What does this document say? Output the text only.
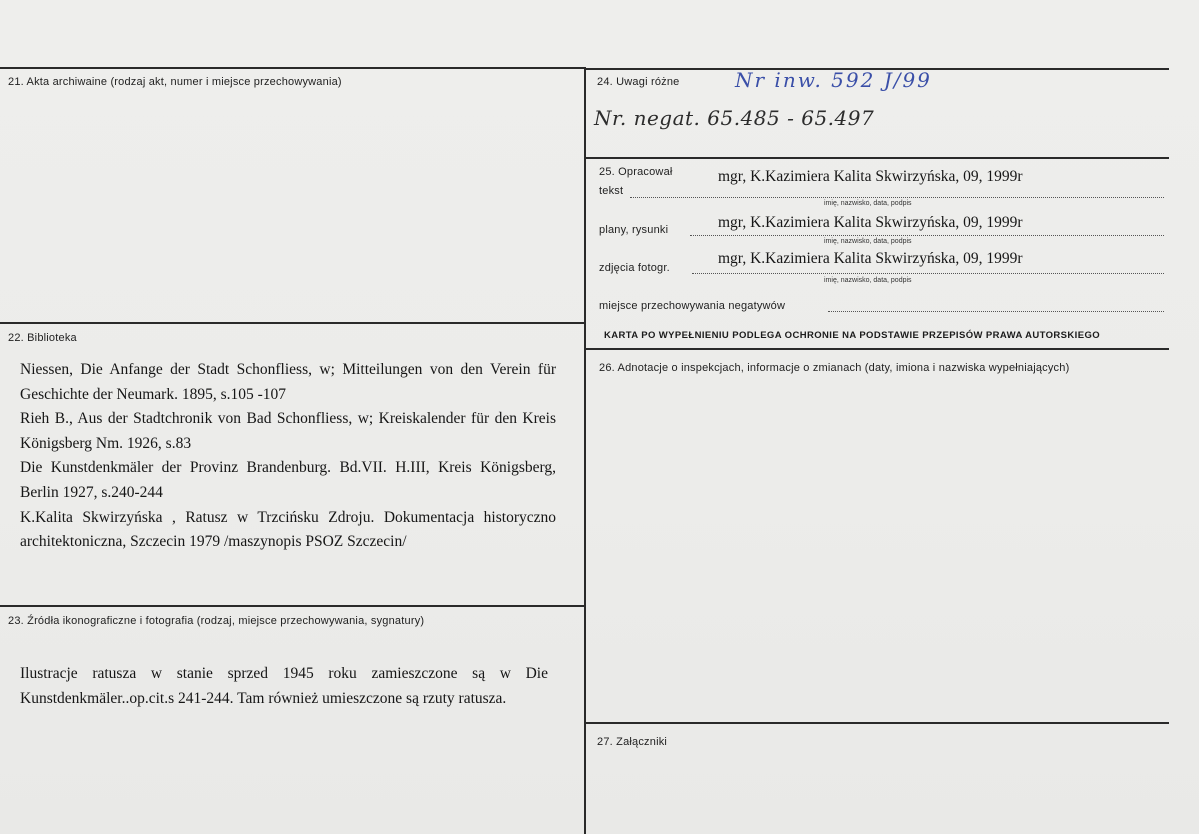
21. Akta archiwaine (rodzaj akt, numer i miejsce przechowywania)
22. Biblioteka

Niessen, Die Anfange der Stadt Schonfliess, w; Mitteilungen von den Verein für Geschichte der Neumark. 1895, s.105 -107

Rieh B., Aus der Stadtchronik von Bad Schonfliess, w; Kreiskalender für den Kreis Königsberg Nm. 1926, s.83

Die Kunstdenkmäler der Provinz Brandenburg. Bd.VII. H.III, Kreis Königsberg, Berlin 1927, s.240-244

K.Kalita Skwirzyńska , Ratusz w Trzcińsku Zdroju. Dokumentacja historyczno architektoniczna, Szczecin 1979 /maszynopis PSOZ Szczecin/

23. Źródła ikonograficzne i fotografia (rodzaj, miejsce przechowywania, sygnatury)

Ilustracje ratusza w stanie sprzed 1945 roku zamieszczone są w Die Kunstdenkmäler..op.cit.s 241-244. Tam również umieszczone są rzuty ratusza.

24. Uwagi różne	Nr inw. 592 J/99
Nr. negat. 65.485 - 65.497
25. Opracował
tekst
mgr, K.Kazimiera Kalita Skwirzyńska, 09, 1999r
imię, nazwisko, data, podpis
plany, rysunki	mgr, K.Kazimiera Kalita Skwirzyńska, 09, 1999r
imię, nazwisko, data, podpis
zdjęcia fotogr.
mgr, K.Kazimiera Kalita Skwirzyńska, 09, 1999r
imię, nazwisko, data, podpis
miejsce przechowywania negatywów
KARTA PO WYPEŁNIENIU PODLEGA OCHRONIE NA PODSTAWIE PRZEPISÓW PRAWA AUTORSKIEGO
26. Adnotacje o inspekcjach, informacje o zmianach (daty, imiona i nazwiska wypełniających)
27. Załączniki
